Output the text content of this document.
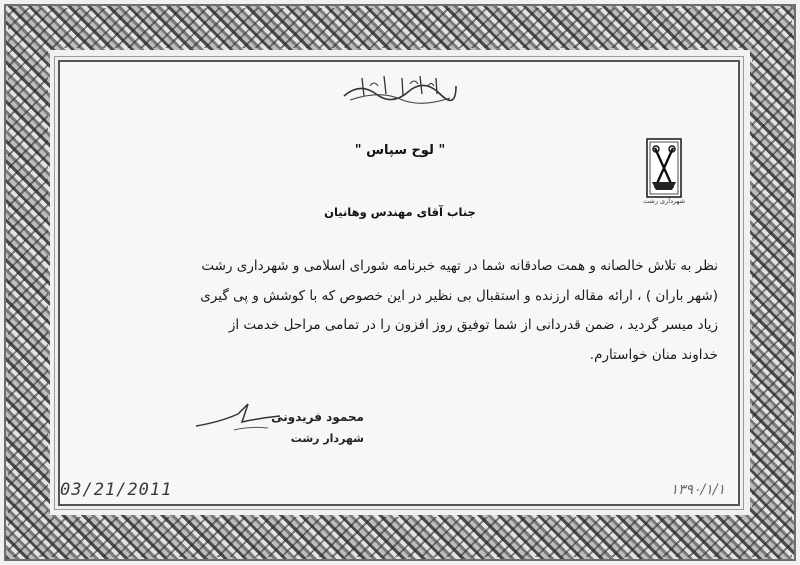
" لوح سپاس "
جناب آقای مهندس وهانیان
نظر به تلاش خالصانه و همت صادقانه شما در تهیه خبرنامه شورای اسلامی و شهرداری رشت
(شهر باران ) ، ارائه مقاله ارزنده و استقبال بی نظیر در این خصوص که با کوشش و پی گیری
زیاد میسر گردید ، ضمن قدردانی از شما توفیق روز افزون را در تمامی مراحل خدمت از
خداوند منان خواستارم.
شهرداری رشت
محمود فریدونی
شهردار رشت
03/21/2011	۱۳۹۰/۱/۱
